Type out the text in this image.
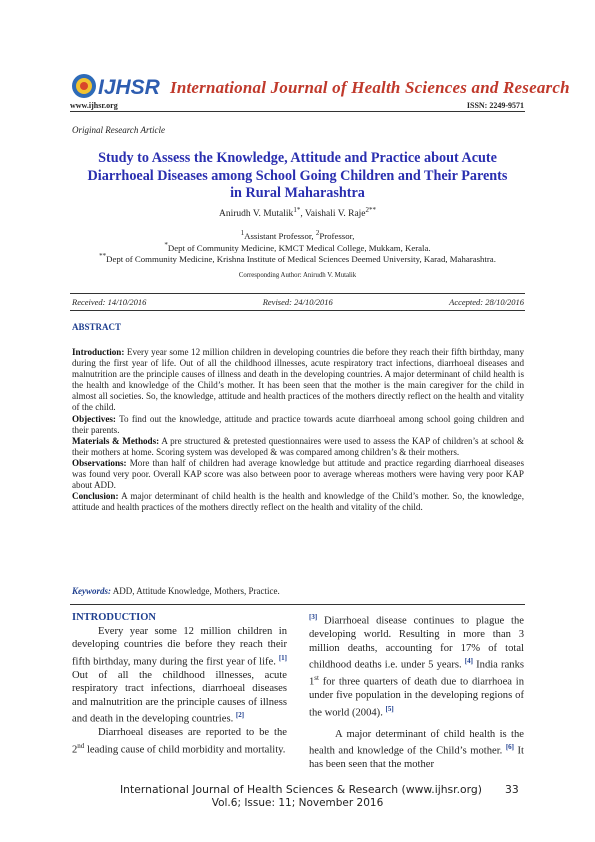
IJHSR International Journal of Health Sciences and Research
www.ijhsr.org	ISSN: 2249-9571
Original Research Article
Study to Assess the Knowledge, Attitude and Practice about Acute Diarrhoeal Diseases among School Going Children and Their Parents in Rural Maharashtra
Anirudh V. Mutalik$^{1*}$, Vaishali V. Raje$^{2**}$
$^1$Assistant Professor, $^2$Professor,
*Dept of Community Medicine, KMCT Medical College, Mukkam, Kerala.
**Dept of Community Medicine, Krishna Institute of Medical Sciences Deemed University, Karad, Maharashtra.
Corresponding Author: Anirudh V. Mutalik
Received: 14/10/2016	Revised: 24/10/2016	Accepted: 28/10/2016
ABSTRACT

Introduction: Every year some 12 million children in developing countries die before they reach their fifth birthday, many during the first year of life. Out of all the childhood illnesses, acute respiratory tract infections, diarrhoeal diseases and malnutrition are the principle causes of illness and death in the developing countries. A major determinant of child health is the health and knowledge of the Child’s mother. It has been seen that the mother is the main caregiver for the child in almost all societies. So, the knowledge, attitude and health practices of the mothers directly reflect on the health and vitality of the child.

Objectives: To find out the knowledge, attitude and practice towards acute diarrhoeal among school going children and their parents.

Materials & Methods: A pre structured & pretested questionnaires were used to assess the KAP of children’s at school & their mothers at home. Scoring system was developed & was compared among children’s & their mothers.

Observations: More than half of children had average knowledge but attitude and practice regarding diarrhoeal diseases was found very poor. Overall KAP score was also between poor to average whereas mothers were having very poor KAP about ADD.

Conclusion: A major determinant of child health is the health and knowledge of the Child’s mother. So, the knowledge, attitude and health practices of the mothers directly reflect on the health and vitality of the child.

Keywords: ADD, Attitude Knowledge, Mothers, Practice.
INTRODUCTION

Every year some 12 million children in developing countries die before they reach their fifth birthday, many during the first year of life. [1] Out of all the childhood illnesses, acute respiratory tract infections, diarrhoeal diseases and malnutrition are the principle causes of illness and death in the developing countries. [2]

Diarrhoeal diseases are reported to be the 2nd leading cause of child morbidity and mortality.

[3] Diarrhoeal disease continues to plague the developing world. Resulting in more than 3 million deaths, accounting for 17% of total childhood deaths i.e. under 5 years. [4] India ranks 1st for three quarters of death due to diarrhoea in under five population in the developing regions of the world (2004). [5]

A major determinant of child health is the health and knowledge of the Child’s mother. [6] It has been seen that the mother

International Journal of Health Sciences & Research (www.ijhsr.org) 33
Vol.6; Issue: 11; November 2016
